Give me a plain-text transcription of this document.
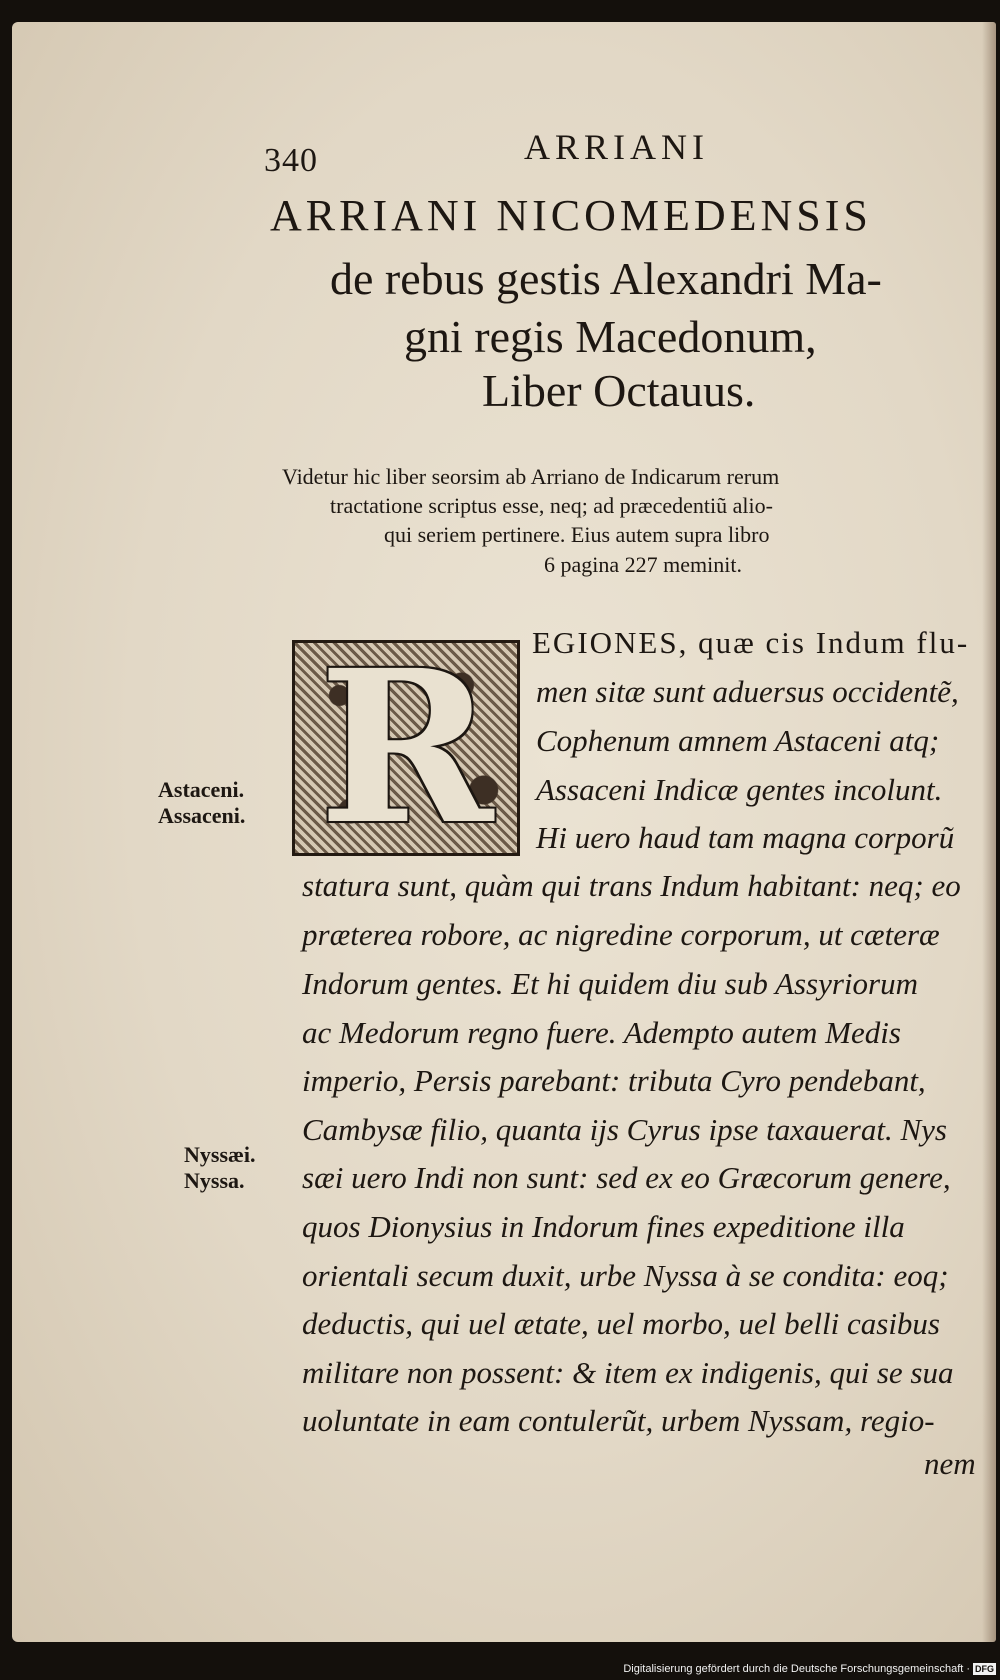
340	ARRIANI
ARRIANI NICOMEDENSIS
de rebus gestis Alexandri Ma-
gni regis Macedonum,
Liber Octauus.
Videtur hic liber seorsim ab Arriano de Indicarum rerum
tractatione scriptus esse, neq; ad præcedentiũ alio-
qui seriem pertinere. Eius autem supra libro
6 pagina 227 meminit.
R	EGIONES, quæ cis Indum flu-
men sitæ sunt aduersus occidentẽ,
Cophenum amnem Astaceni atq;
Assaceni Indicæ gentes incolunt.
Hi uero haud tam magna corporũ
statura sunt, quàm qui trans Indum habitant: neq; eo
præterea robore, ac nigredine corporum, ut cæteræ
Indorum gentes. Et hi quidem diu sub Assyriorum
ac Medorum regno fuere. Adempto autem Medis
imperio, Persis parebant: tributa Cyro pendebant,
Cambysæ filio, quanta ijs Cyrus ipse taxauerat. Nys
sæi uero Indi non sunt: sed ex eo Græcorum genere,
quos Dionysius in Indorum fines expeditione illa
orientali secum duxit, urbe Nyssa à se condita: eoq;
deductis, qui uel ætate, uel morbo, uel belli casibus
militare non possent: & item ex indigenis, qui se sua
uoluntate in eam contulerũt, urbem Nyssam, regio-
nem
Astaceni.
Assaceni.
Nyssæi.
Nyssa.
Digitalisierung gefördert durch die Deutsche Forschungsgemeinschaft · DFG
